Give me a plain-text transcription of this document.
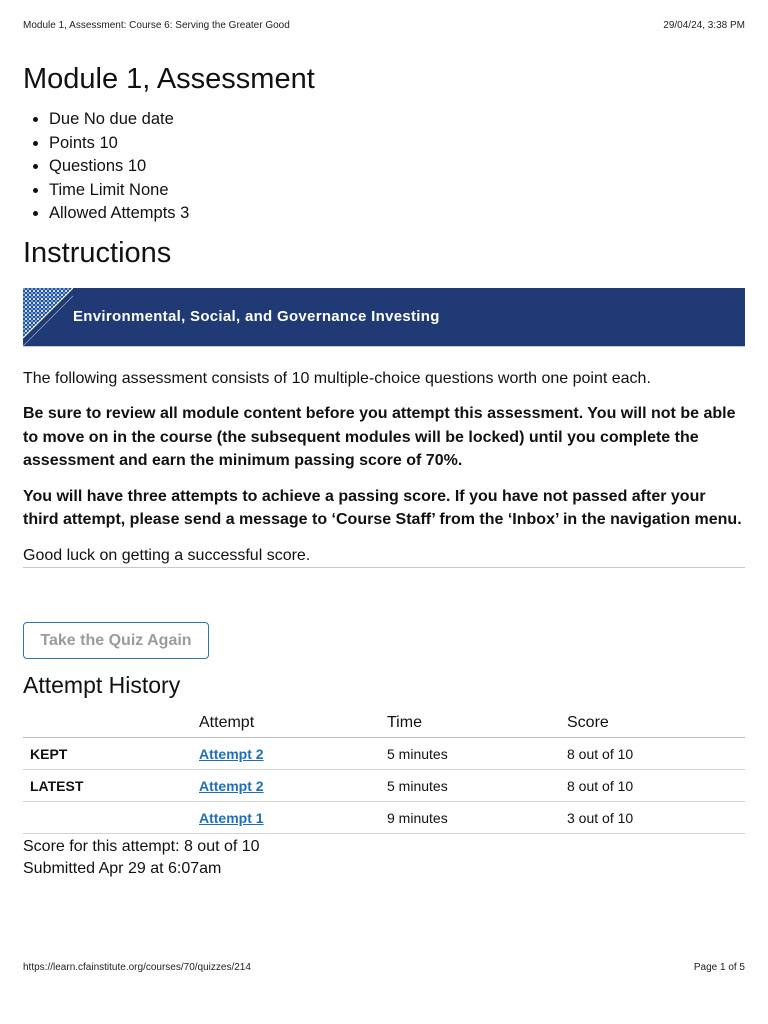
Module 1, Assessment: Course 6: Serving the Greater Good	29/04/24, 3:38 PM
Module 1, Assessment
• Due No due date
• Points 10
• Questions 10
• Time Limit None
• Allowed Attempts 3
Instructions
Environmental, Social, and Governance Investing

The following assessment consists of 10 multiple-choice questions worth one point each.

Be sure to review all module content before you attempt this assessment. You will not be able to move on in the course (the subsequent modules will be locked) until you complete the assessment and earn the minimum passing score of 70%.

You will have three attempts to achieve a passing score. If you have not passed after your third attempt, please send a message to ‘Course Staff’ from the ‘Inbox’ in the navigation menu.

Good luck on getting a successful score.

Take the Quiz Again
Attempt History
	Attempt	Time	Score
KEPT	Attempt 2	5 minutes	8 out of 10
LATEST	Attempt 2	5 minutes	8 out of 10
	Attempt 1	9 minutes	3 out of 10
Score for this attempt: 8 out of 10
Submitted Apr 29 at 6:07am
https://learn.cfainstitute.org/courses/70/quizzes/214	Page 1 of 5
